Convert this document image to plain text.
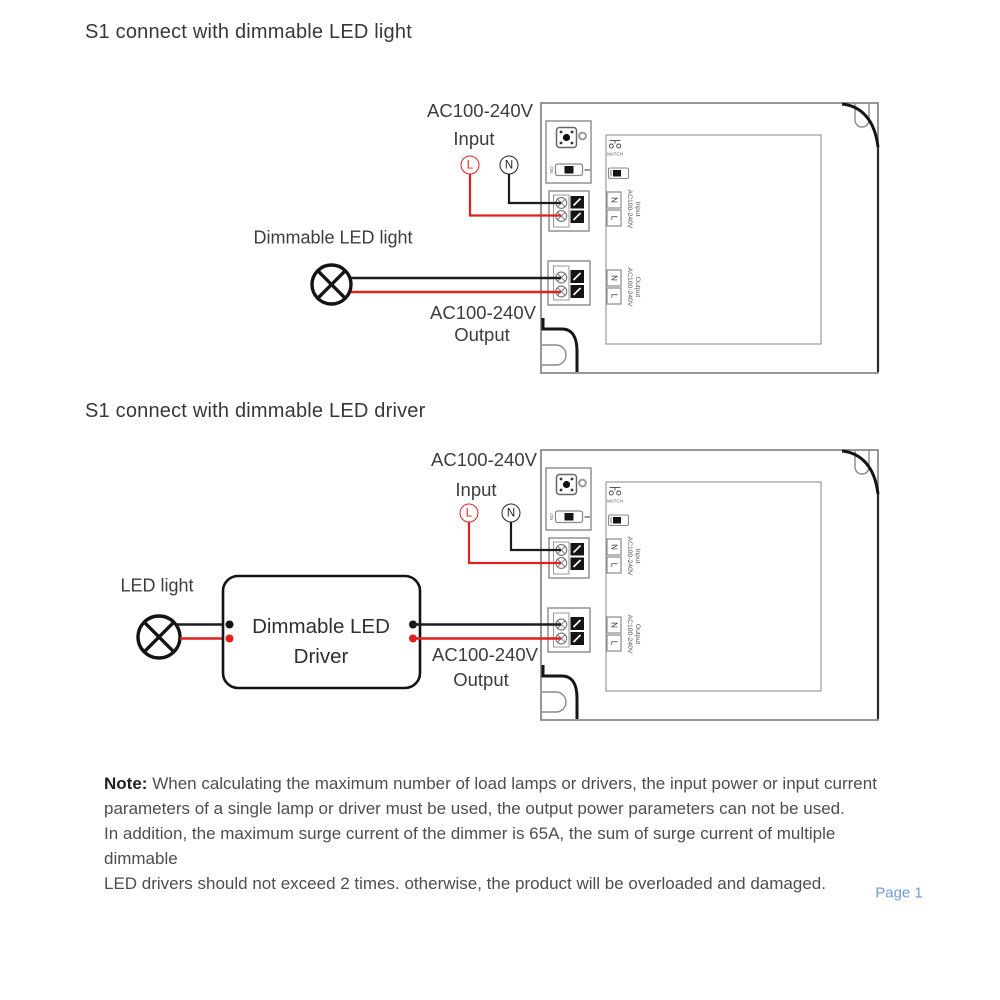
ON
MATCH
N
L
Input
AC100-240V
N
L Output
AC100-240V
ON
MATCH
N
L
Input
AC100-240V
N
L Output
AC100-240V
S1 connect with dimmable LED light
S1 connect with dimmable LED driver
AC100-240V
Input
L	N
Dimmable LED light
AC100-240V
Output
AC100-240V
Input
L	N
LED light
Dimmable LED
Driver	AC100-240V
Output
Note: When calculating the maximum number of load lamps or drivers, the input power or input current
parameters of a single lamp or driver must be used, the output power parameters can not be used.
In addition, the maximum surge current of the dimmer is 65A, the sum of surge current of multiple dimmable
LED drivers should not exceed 2 times. otherwise, the product will be overloaded and damaged.	Page 1
